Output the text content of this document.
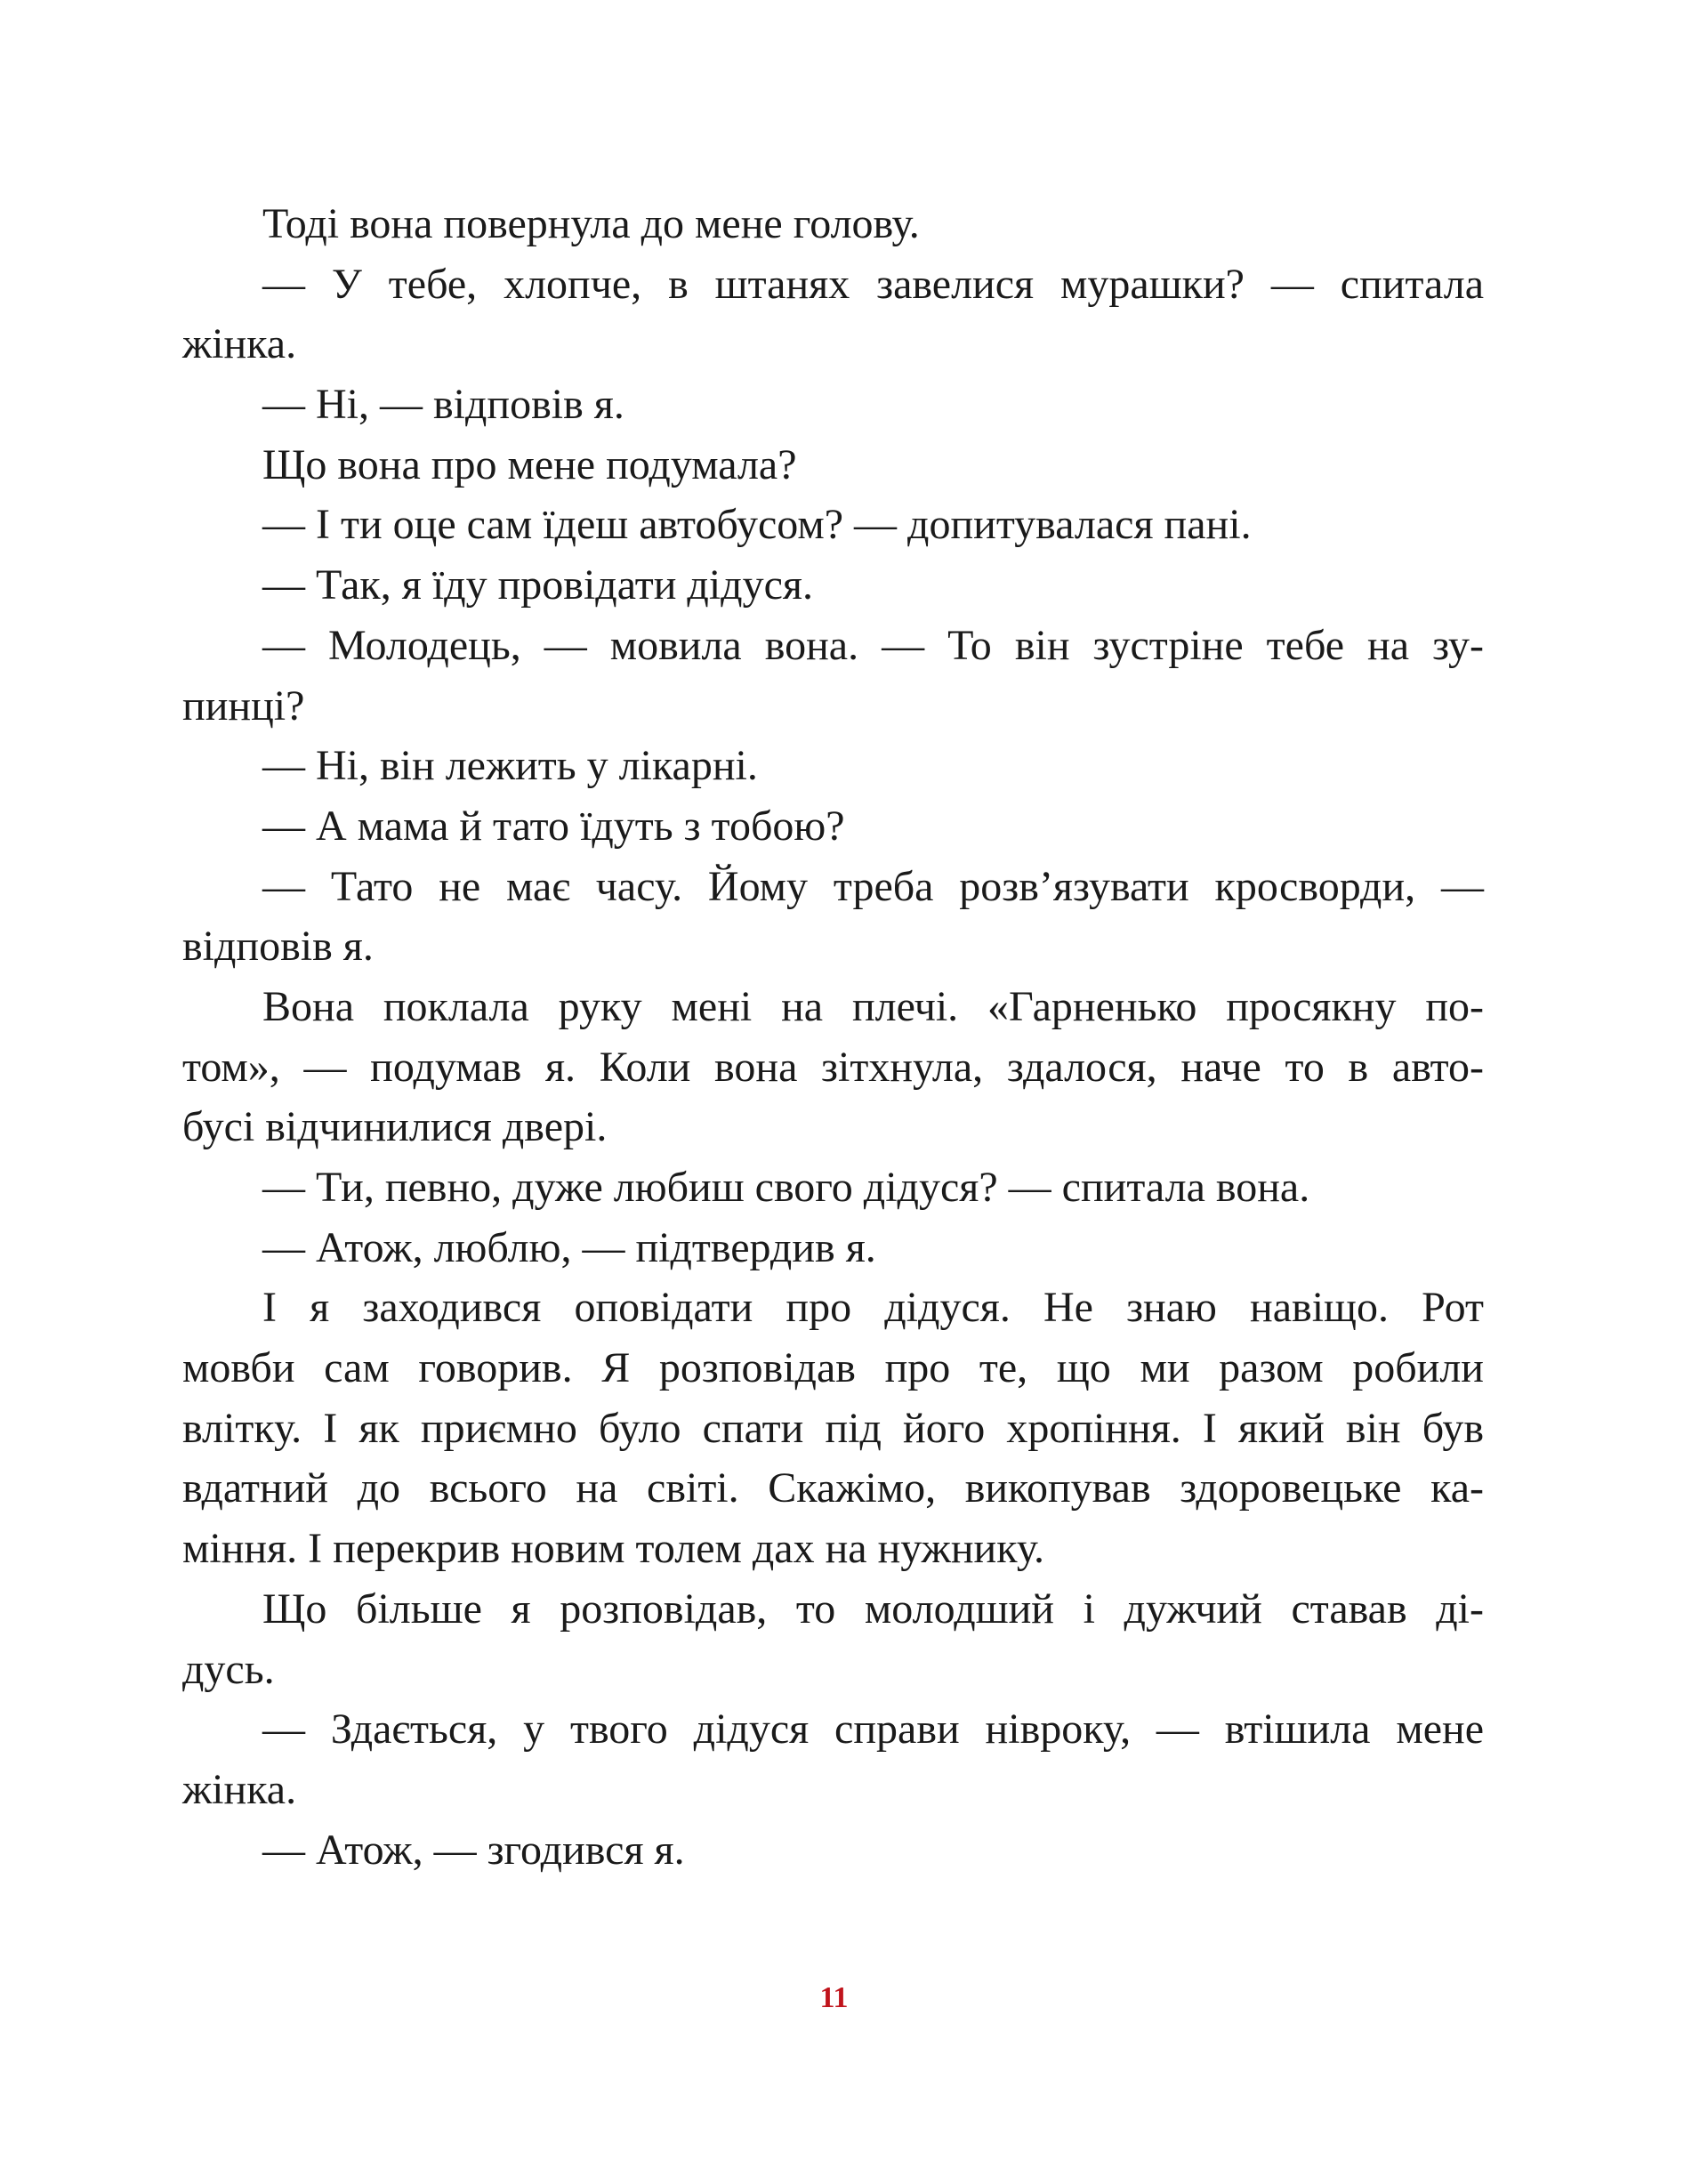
Тоді вона повернула до мене голову.
— У тебе, хлопче, в штанях завелися мурашки? — спитала
жінка.
— Ні, — відповів я.
Що вона про мене подумала?
— І ти оце сам їдеш автобусом? — допитувалася пані.
— Так, я їду провідати дідуся.
— Молодець, — мовила вона. — То він зустріне тебе на зу-
пинці?
— Ні, він лежить у лікарні.
— А мама й тато їдуть з тобою?
— Тато не має часу. Йому треба розв’язувати кросворди, —
відповів я.
Вона поклала руку мені на плечі. «Гарненько просякну по-
том», — подумав я. Коли вона зітхнула, здалося, наче то в авто-
бусі відчинилися двері.
— Ти, певно, дуже любиш свого дідуся? — спитала вона.
— Атож, люблю, — підтвердив я.
І я заходився оповідати про дідуся. Не знаю навіщо. Рот
мовби сам говорив. Я розповідав про те, що ми разом робили
влітку. І як приємно було спати під його хропіння. І який він був
вдатний до всього на світі. Скажімо, викопував здоровецьке ка-
міння. І перекрив новим толем дах на нужнику.
Що більше я розповідав, то молодший і дужчий ставав ді-
дусь.
— Здається, у твого дідуся справи нівроку, — втішила мене
жінка.
— Атож, — згодився я.
11
